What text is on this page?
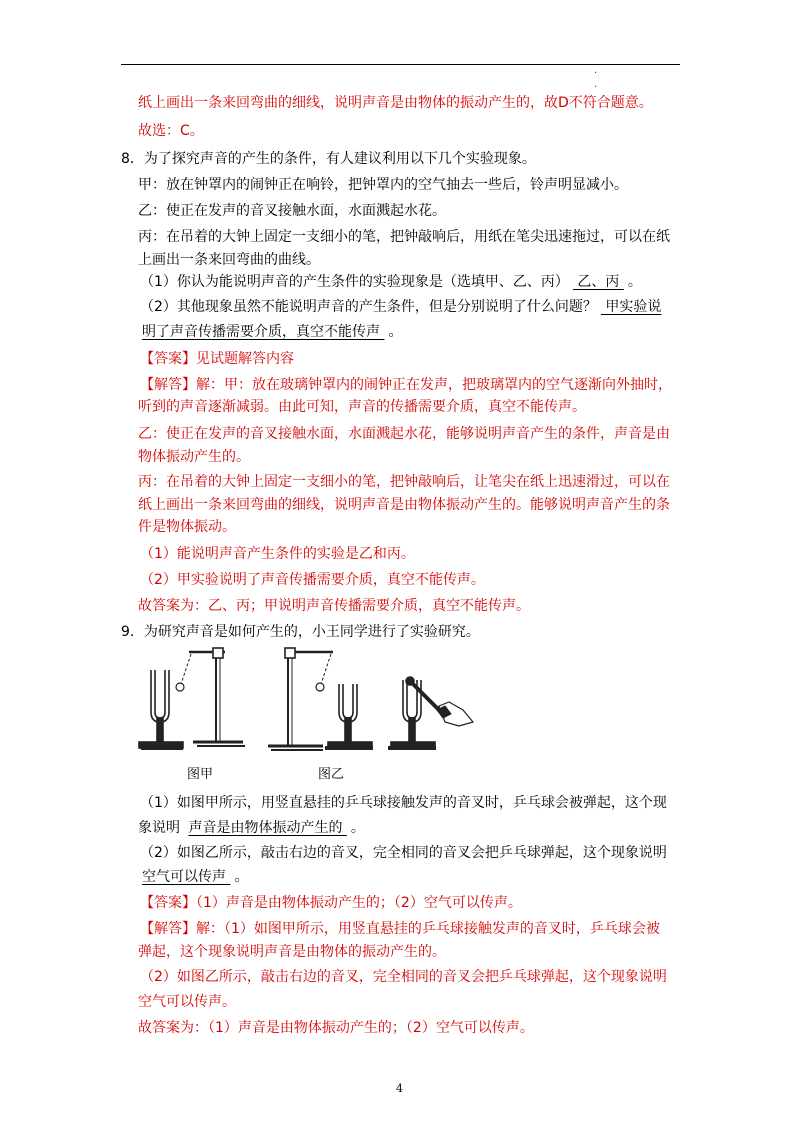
·
·
纸上画出一条来回弯曲的细线，说明声音是由物体的振动产生的，故D不符合题意。
故选：C。
8．为了探究声音的产生的条件，有人建议利用以下几个实验现象。
甲：放在钟罩内的闹钟正在响铃，把钟罩内的空气抽去一些后，铃声明显减小。
乙：使正在发声的音叉接触水面，水面溅起水花。
丙：在吊着的大钟上固定一支细小的笔，把钟敲响后，用纸在笔尖迅速拖过，可以在纸
上画出一条来回弯曲的曲线。
（1）你认为能说明声音的产生条件的实验现象是（选填甲、乙、丙） 乙、丙 。
（2）其他现象虽然不能说明声音的产生条件，但是分别说明了什么问题？ 甲实验说
明了声音传播需要介质，真空不能传声 。
【答案】见试题解答内容
【解答】解：甲：放在玻璃钟罩内的闹钟正在发声，把玻璃罩内的空气逐渐向外抽时，
听到的声音逐渐减弱。由此可知，声音的传播需要介质，真空不能传声。
乙：使正在发声的音叉接触水面，水面溅起水花，能够说明声音产生的条件，声音是由
物体振动产生的。
丙：在吊着的大钟上固定一支细小的笔，把钟敲响后，让笔尖在纸上迅速滑过，可以在
纸上画出一条来回弯曲的细线，说明声音是由物体振动产生的。能够说明声音产生的条
件是物体振动。
（1）能说明声音产生条件的实验是乙和丙。
（2）甲实验说明了声音传播需要介质，真空不能传声。
故答案为：乙、丙；甲说明声音传播需要介质，真空不能传声。
9．为研究声音是如何产生的，小王同学进行了实验研究。
（1）如图甲所示，用竖直悬挂的乒乓球接触发声的音叉时，乒乓球会被弹起，这个现
象说明 声音是由物体振动产生的 。
（2）如图乙所示，敲击右边的音叉，完全相同的音叉会把乒乓球弹起，这个现象说明
空气可以传声 。
【答案】（1）声音是由物体振动产生的；（2）空气可以传声。
【解答】解：（1）如图甲所示，用竖直悬挂的乒乓球接触发声的音叉时，乒乓球会被
弹起，这个现象说明声音是由物体的振动产生的。
（2）如图乙所示，敲击右边的音叉，完全相同的音叉会把乒乓球弹起，这个现象说明
空气可以传声。
故答案为：（1）声音是由物体振动产生的；（2）空气可以传声。
图甲	图乙
4
